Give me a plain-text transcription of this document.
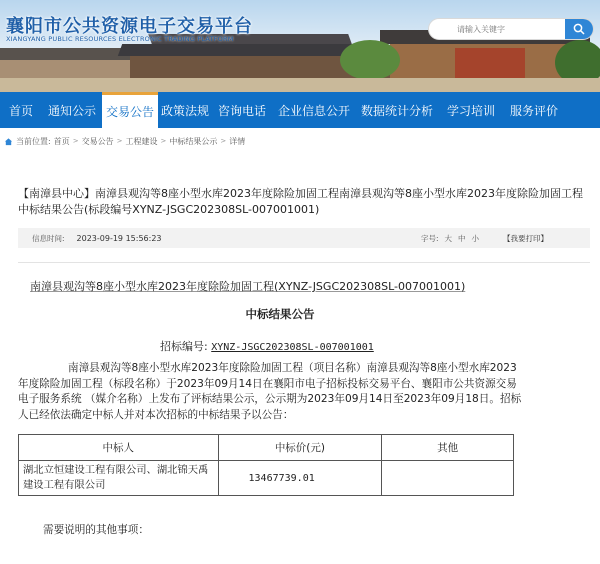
襄阳市公共资源电子交易平台
XIANGYANG PUBLIC RESOURCES ELECTRONIC TRADING PLATFORM
请输入关键字
首页	通知公示 交易公告 政策法规 咨询电话 企业信息公开 数据统计分析	学习培训	服务评价
当前位置: 首页 > 交易公告 > 工程建设 > 中标结果公示 > 详情
【南漳县中心】南漳县观沟等8座小型水库2023年度除险加固工程南漳县观沟等8座小型水库2023年度除险加固工程中标结果公告(标段编号XYNZ-JSGC202308SL-007001001)
信息时间: 2023-09-19 15:56:23	字号: 大 中 小	【我要打印】
南漳县观沟等8座小型水库2023年度除险加固工程(XYNZ-JSGC202308SL-007001001)
中标结果公告
招标编号: XYNZ-JSGC202308SL-007001001
南漳县观沟等8座小型水库2023年度除险加固工程（项目名称）南漳县观沟等8座小型水库2023年度除险加固工程（标段名称）于2023年09月14日在襄阳市电子招标投标交易平台、襄阳市公共资源交易电子服务系统 （媒介名称）上发布了评标结果公示，公示期为2023年09月14日至2023年09月18日。招标人已经依法确定中标人并对本次招标的中标结果予以公告：
中标人	中标价(元)	其他
湖北立恒建设工程有限公司、湖北锦天禹建设工程有限公司	13467739.01	
需要说明的其他事项：
